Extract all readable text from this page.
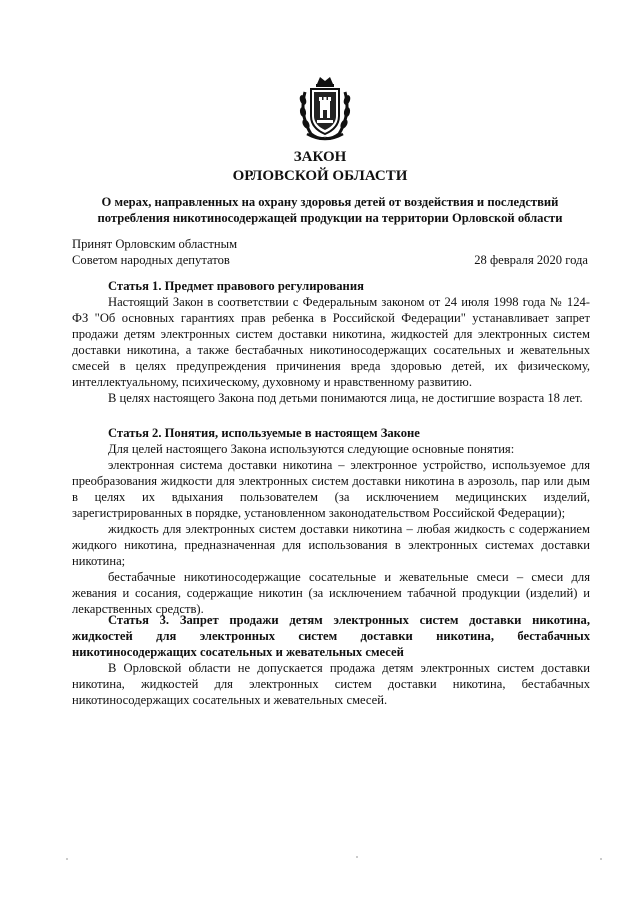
ЗАКОН
ОРЛОВСКОЙ ОБЛАСТИ
О мерах, направленных на охрану здоровья детей от воздействия и последствий потребления никотиносодержащей продукции на территории Орловской области
Принят Орловским областным
Советом народных депутатов	28 февраля 2020 года
Статья 1. Предмет правового регулирования

Настоящий Закон в соответствии с Федеральным законом от 24 июля 1998 года № 124-ФЗ "Об основных гарантиях прав ребенка в Российской Федерации" устанавливает запрет продажи детям электронных систем доставки никотина, жидкостей для электронных систем доставки никотина, а также бестабачных никотиносодержащих сосательных и жевательных смесей в целях предупреждения причинения вреда здоровью детей, их физическому, интеллектуальному, психическому, духовному и нравственному развитию.

В целях настоящего Закона под детьми понимаются лица, не достигшие возраста 18 лет.

Статья 2. Понятия, используемые в настоящем Законе

Для целей настоящего Закона используются следующие основные понятия:

электронная система доставки никотина – электронное устройство, используемое для преобразования жидкости для электронных систем доставки никотина в аэрозоль, пар или дым в целях их вдыхания пользователем (за исключением медицинских изделий, зарегистрированных в порядке, установленном законодательством Российской Федерации);

жидкость для электронных систем доставки никотина – любая жидкость с содержанием жидкого никотина, предназначенная для использования в электронных системах доставки никотина;

бестабачные никотиносодержащие сосательные и жевательные смеси – смеси для жевания и сосания, содержащие никотин (за исключением табачной продукции (изделий) и лекарственных средств).

Статья 3. Запрет продажи детям электронных систем доставки никотина, жидкостей для электронных систем доставки никотина, бестабачных никотиносодержащих сосательных и жевательных смесей

В Орловской области не допускается продажа детям электронных систем доставки никотина, жидкостей для электронных систем доставки никотина, бестабачных никотиносодержащих сосательных и жевательных смесей.
